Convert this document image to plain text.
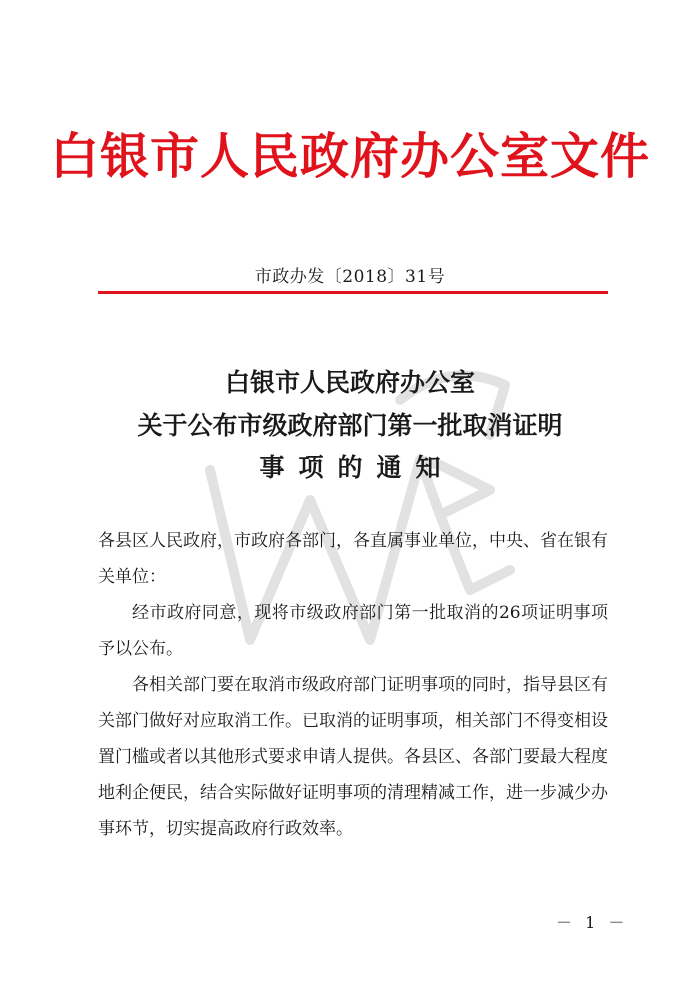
白银市人民政府办公室文件
市政办发〔2018〕31号
白银市人民政府办公室
关于公布市级政府部门第一批取消证明
事项的通知

各县区人民政府，市政府各部门，各直属事业单位，中央、省在银有关单位：

经市政府同意，现将市级政府部门第一批取消的26项证明事项予以公布。

各相关部门要在取消市级政府部门证明事项的同时，指导县区有关部门做好对应取消工作。已取消的证明事项，相关部门不得变相设置门槛或者以其他形式要求申请人提供。各县区、各部门要最大程度地利企便民，结合实际做好证明事项的清理精减工作，进一步减少办事环节，切实提高政府行政效率。

－ 1 －
